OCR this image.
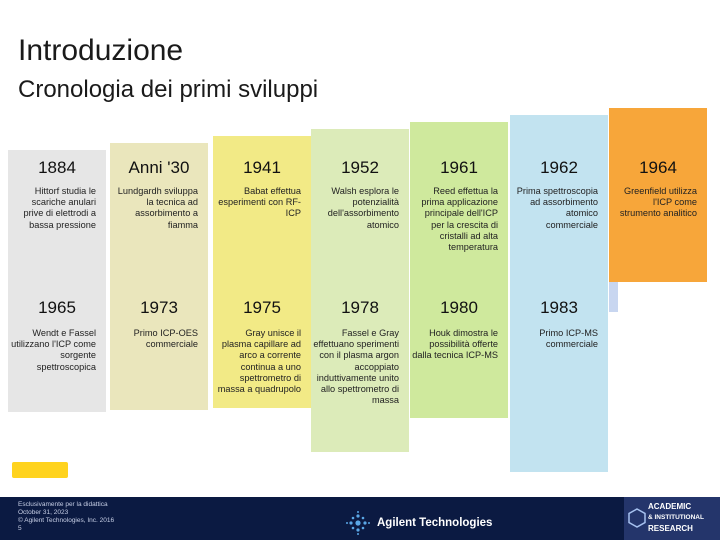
Introduzione
Cronologia dei primi sviluppi
1884
Hittorf studia le scariche anulari prive di elettrodi a bassa pressione
Anni '30
Lundgardh sviluppa la tecnica ad assorbimento a fiamma
1941
Babat effettua esperimenti con RF-ICP
1952
Walsh esplora le potenzialità dell'assorbimento atomico
1961
Reed effettua la prima applicazione principale dell'ICP per la crescita di cristalli ad alta temperatura
1962
Prima spettroscopia ad assorbimento atomico commerciale
1964
Greenfield utilizza l'ICP come strumento analitico
1965
Wendt e Fassel utilizzano l'ICP come sorgente spettroscopica
1973
Primo ICP-OES commerciale
1975
Gray unisce il plasma capillare ad arco a corrente continua a uno spettrometro di massa a quadrupolo
1978
Fassel e Gray effettuano sperimenti con il plasma argon accoppiato induttivamente unito allo spettrometro di massa
1980
Houk dimostra le possibilità offerte dalla tecnica ICP-MS
1983
Primo ICP-MS commerciale
Esclusivamente per la didattica
October 31, 2023
© Agilent Technologies, Inc. 2016
5	Agilent Technologies
ACADEMIC
& INSTITUTIONAL
RESEARCH
